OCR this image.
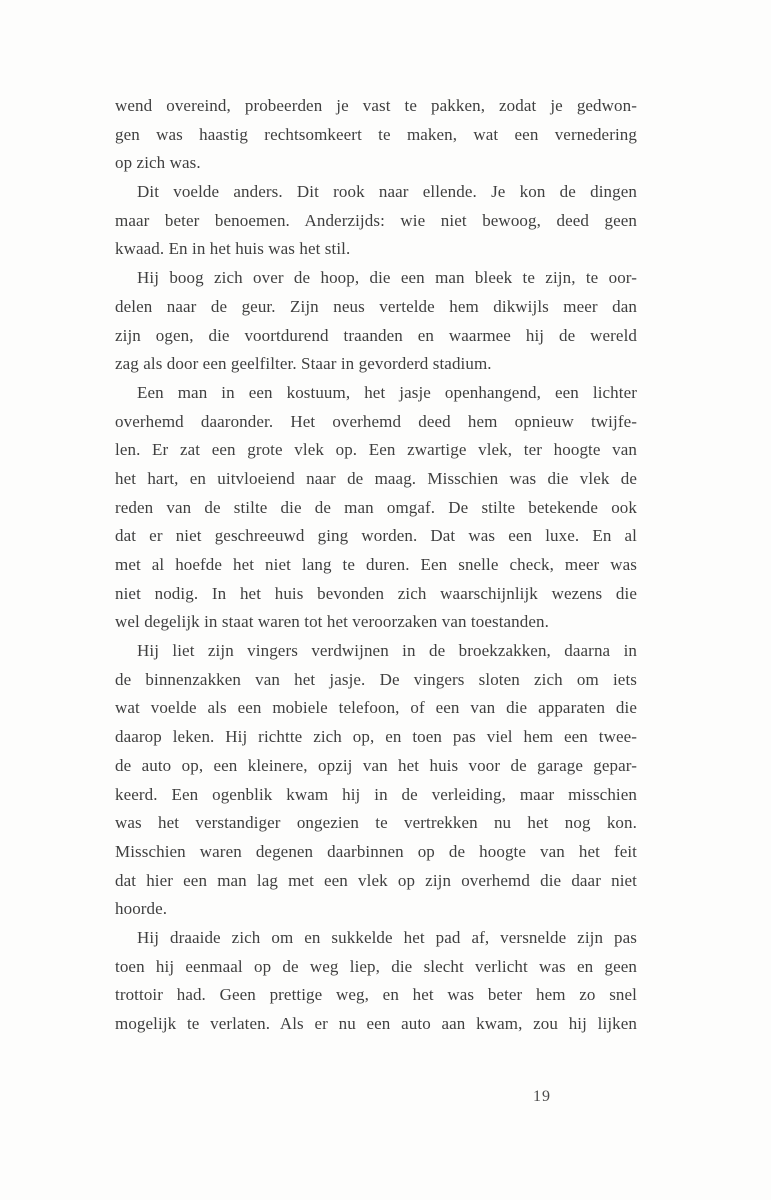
wend overeind, probeerden je vast te pakken, zodat je gedwon-
gen was haastig rechtsomkeert te maken, wat een vernedering
op zich was.
Dit voelde anders. Dit rook naar ellende. Je kon de dingen
maar beter benoemen. Anderzijds: wie niet bewoog, deed geen
kwaad. En in het huis was het stil.
Hij boog zich over de hoop, die een man bleek te zijn, te oor-
delen naar de geur. Zijn neus vertelde hem dikwijls meer dan
zijn ogen, die voortdurend traanden en waarmee hij de wereld
zag als door een geelfilter. Staar in gevorderd stadium.
Een man in een kostuum, het jasje openhangend, een lichter
overhemd daaronder. Het overhemd deed hem opnieuw twijfe-
len. Er zat een grote vlek op. Een zwartige vlek, ter hoogte van
het hart, en uitvloeiend naar de maag. Misschien was die vlek de
reden van de stilte die de man omgaf. De stilte betekende ook
dat er niet geschreeuwd ging worden. Dat was een luxe. En al
met al hoefde het niet lang te duren. Een snelle check, meer was
niet nodig. In het huis bevonden zich waarschijnlijk wezens die
wel degelijk in staat waren tot het veroorzaken van toestanden.
Hij liet zijn vingers verdwijnen in de broekzakken, daarna in
de binnenzakken van het jasje. De vingers sloten zich om iets
wat voelde als een mobiele telefoon, of een van die apparaten die
daarop leken. Hij richtte zich op, en toen pas viel hem een twee-
de auto op, een kleinere, opzij van het huis voor de garage gepar-
keerd. Een ogenblik kwam hij in de verleiding, maar misschien
was het verstandiger ongezien te vertrekken nu het nog kon.
Misschien waren degenen daarbinnen op de hoogte van het feit
dat hier een man lag met een vlek op zijn overhemd die daar niet
hoorde.
Hij draaide zich om en sukkelde het pad af, versnelde zijn pas
toen hij eenmaal op de weg liep, die slecht verlicht was en geen
trottoir had. Geen prettige weg, en het was beter hem zo snel
mogelijk te verlaten. Als er nu een auto aan kwam, zou hij lijken
19
